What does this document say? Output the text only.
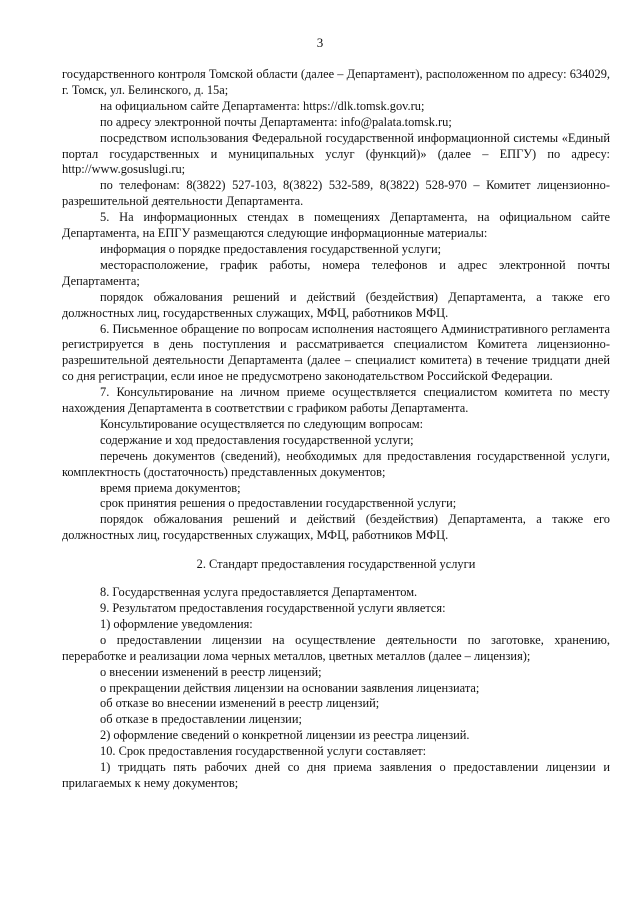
3

государственного контроля Томской области (далее – Департамент), расположенном по адресу: 634029, г. Томск, ул. Белинского, д. 15а;

на официальном сайте Департамента: https://dlk.tomsk.gov.ru;

по адресу электронной почты Департамента: info@palata.tomsk.ru;

посредством использования Федеральной государственной информационной системы «Единый портал государственных и муниципальных услуг (функций)» (далее – ЕПГУ) по адресу: http://www.gosuslugi.ru;

по телефонам: 8(3822) 527-103, 8(3822) 532-589, 8(3822) 528-970 – Комитет лицензионно-разрешительной деятельности Департамента.

5. На информационных стендах в помещениях Департамента, на официальном сайте Департамента, на ЕПГУ размещаются следующие информационные материалы:

информация о порядке предоставления государственной услуги;

месторасположение, график работы, номера телефонов и адрес электронной почты Департамента;

порядок обжалования решений и действий (бездействия) Департамента, а также его должностных лиц, государственных служащих, МФЦ, работников МФЦ.

6. Письменное обращение по вопросам исполнения настоящего Административного регламента регистрируется в день поступления и рассматривается специалистом Комитета лицензионно-разрешительной деятельности Департамента (далее – специалист комитета) в течение тридцати дней со дня регистрации, если иное не предусмотрено законодательством Российской Федерации.

7. Консультирование на личном приеме осуществляется специалистом комитета по месту нахождения Департамента в соответствии с графиком работы Департамента.

Консультирование осуществляется по следующим вопросам:

содержание и ход предоставления государственной услуги;

перечень документов (сведений), необходимых для предоставления государственной услуги, комплектность (достаточность) представленных документов;

время приема документов;

срок принятия решения о предоставлении государственной услуги;

порядок обжалования решений и действий (бездействия) Департамента, а также его должностных лиц, государственных служащих, МФЦ, работников МФЦ.

2. Стандарт предоставления государственной услуги

8. Государственная услуга предоставляется Департаментом.

9. Результатом предоставления государственной услуги является:

1) оформление уведомления:

о предоставлении лицензии на осуществление деятельности по заготовке, хранению, переработке и реализации лома черных металлов, цветных металлов (далее – лицензия);

о внесении изменений в реестр лицензий;

о прекращении действия лицензии на основании заявления лицензиата;

об отказе во внесении изменений в реестр лицензий;

об отказе в предоставлении лицензии;

2) оформление сведений о конкретной лицензии из реестра лицензий.

10. Срок предоставления государственной услуги составляет:

1) тридцать пять рабочих дней со дня приема заявления о предоставлении лицензии и прилагаемых к нему документов;
